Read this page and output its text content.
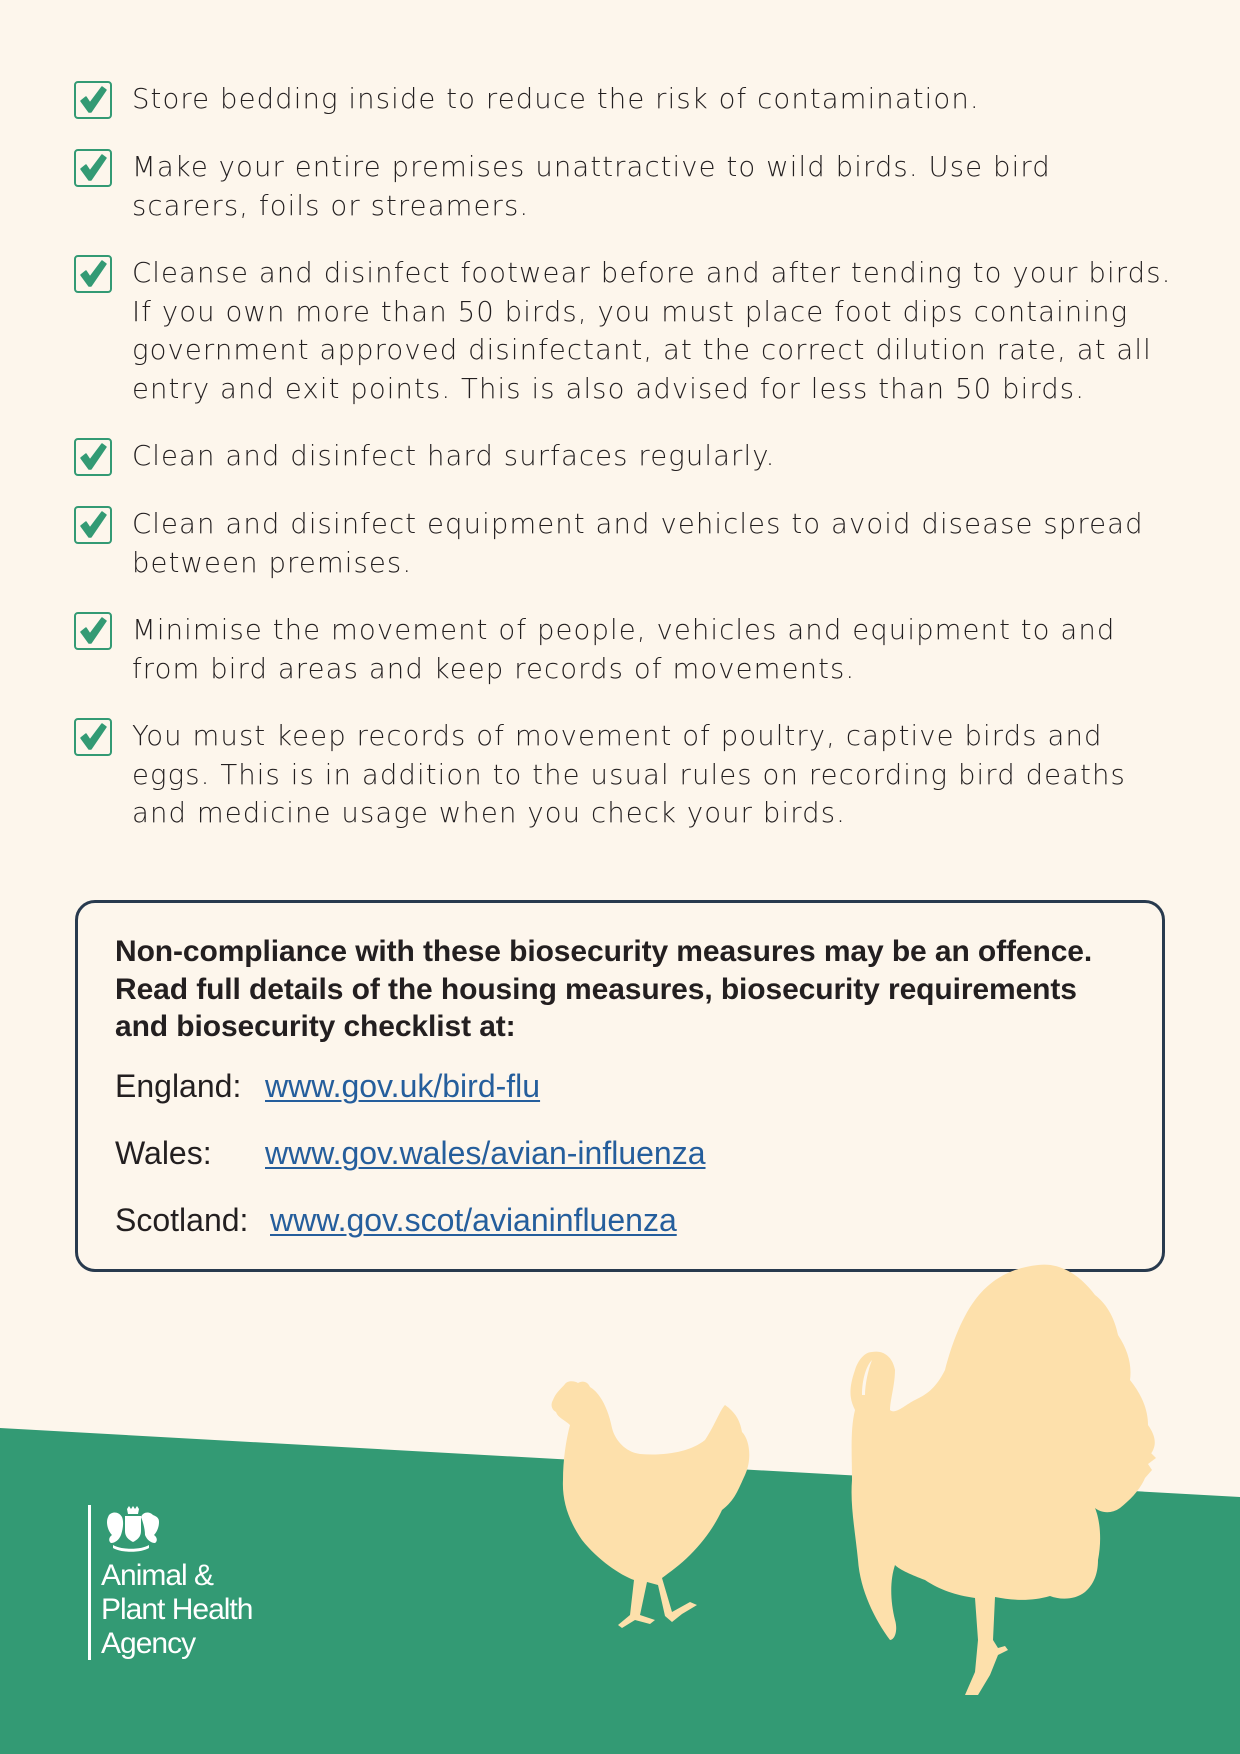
Store bedding inside to reduce the risk of contamination.
Make your entire premises unattractive to wild birds. Use bird scarers, foils or streamers.
Cleanse and disinfect footwear before and after tending to your birds. If you own more than 50 birds, you must place foot dips containing government approved disinfectant, at the correct dilution rate, at all entry and exit points. This is also advised for less than 50 birds.
Clean and disinfect hard surfaces regularly.
Clean and disinfect equipment and vehicles to avoid disease spread between premises.
Minimise the movement of people, vehicles and equipment to and from bird areas and keep records of movements.
You must keep records of movement of poultry, captive birds and eggs. This is in addition to the usual rules on recording bird deaths and medicine usage when you check your birds.

Non-compliance with these biosecurity measures may be an offence. Read full details of the housing measures, biosecurity requirements and biosecurity checklist at:

England: www.gov.uk/bird-flu
Wales:	www.gov.wales/avian-influenza
Scotland: www.gov.scot/avianinfluenza
Animal &
Plant Health
Agency
